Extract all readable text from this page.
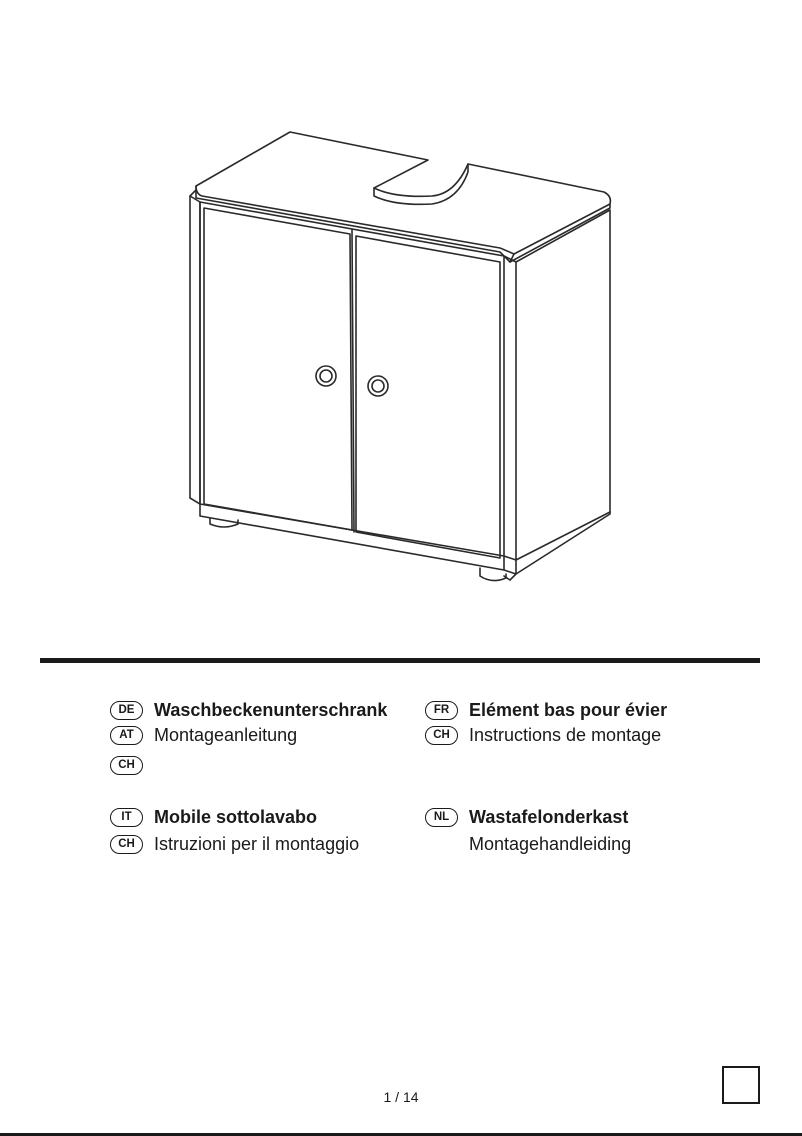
DE	Waschbeckenunterschrank
AT	Montageanleitung
CH
FR	Elément bas pour évier
CH	Instructions de montage
IT	Mobile sottolavabo
CH	Istruzioni per il montaggio
NL	Wastafelonderkast
Montagehandleiding
1 / 14
